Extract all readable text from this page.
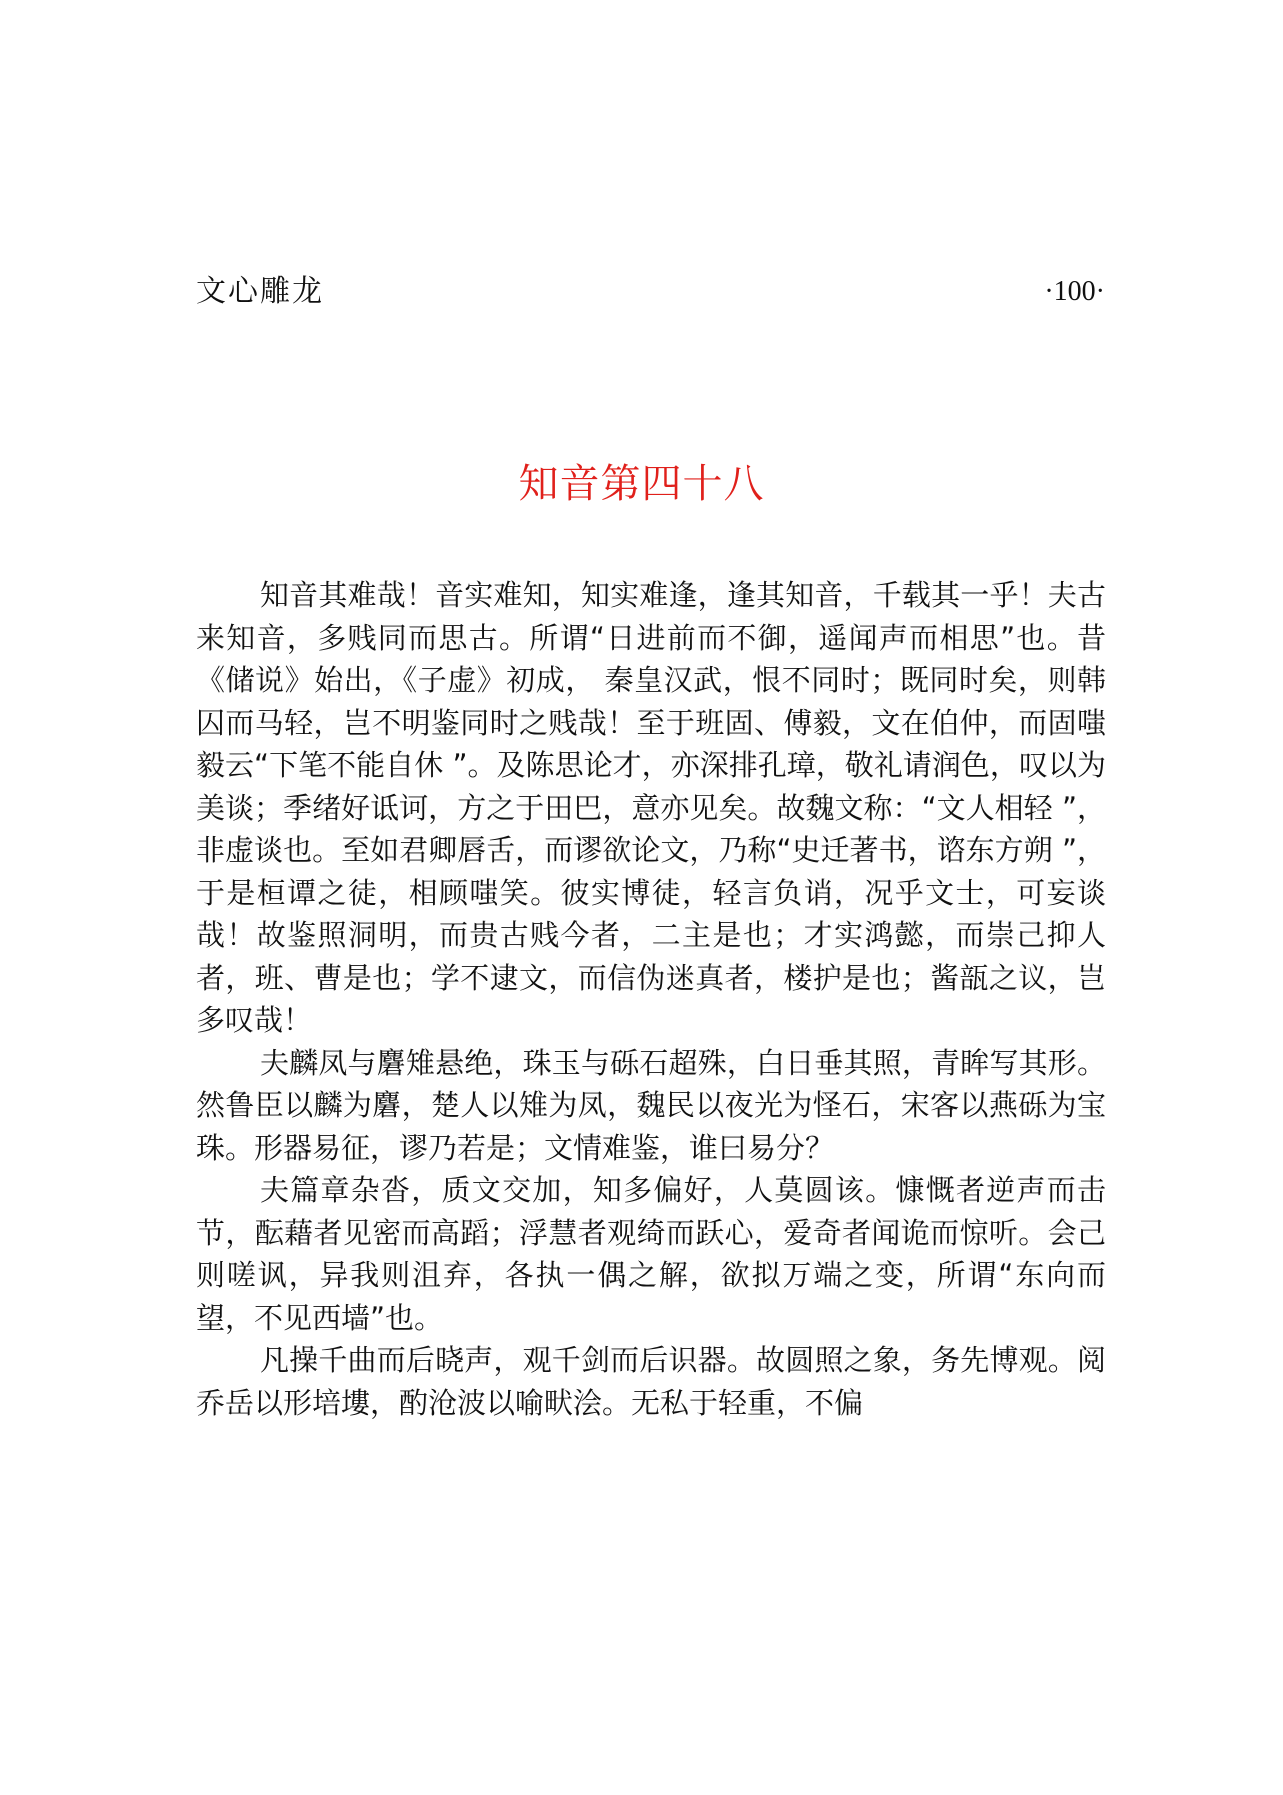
文心雕龙	·100·
知音第四十八

知音其难哉！音实难知，知实难逢，逢其知音，千载其一乎！夫古来知音，多贱同而思古。所谓“日进前而不御，遥闻声而相思”也。昔《储说》始出，《子虚》初成， 秦皇汉武，恨不同时；既同时矣，则韩囚而马轻，岂不明鉴同时之贱哉！至于班固、傅毅，文在伯仲，而固嗤毅云“下笔不能自休 ”。及陈思论才，亦深排孔璋，敬礼请润色，叹以为美谈；季绪好诋诃，方之于田巴，意亦见矣。故魏文称：“文人相轻 ”，非虚谈也。至如君卿唇舌，而谬欲论文，乃称“史迁著书，谘东方朔 ”，于是桓谭之徒，相顾嗤笑。彼实博徒，轻言负诮，况乎文士，可妄谈哉！故鉴照洞明，而贵古贱今者，二主是也；才实鸿懿，而崇己抑人者，班、曹是也；学不逮文，而信伪迷真者，楼护是也；酱瓿之议，岂多叹哉！

夫麟凤与麏雉悬绝，珠玉与砾石超殊，白日垂其照，青眸写其形。然鲁臣以麟为麏，楚人以雉为凤，魏民以夜光为怪石，宋客以燕砾为宝珠。形器易征，谬乃若是；文情难鉴，谁曰易分？

夫篇章杂沓，质文交加，知多偏好，人莫圆该。慷慨者逆声而击节，酝藉者见密而高蹈；浮慧者观绮而跃心，爱奇者闻诡而惊听。会己则嗟讽，异我则沮弃，各执一偶之解，欲拟万端之变，所谓“东向而望，不见西墙”也。

凡操千曲而后晓声，观千剑而后识器。故圆照之象，务先博观。阅乔岳以形培塿，酌沧波以喻畎浍。无私于轻重，不偏
